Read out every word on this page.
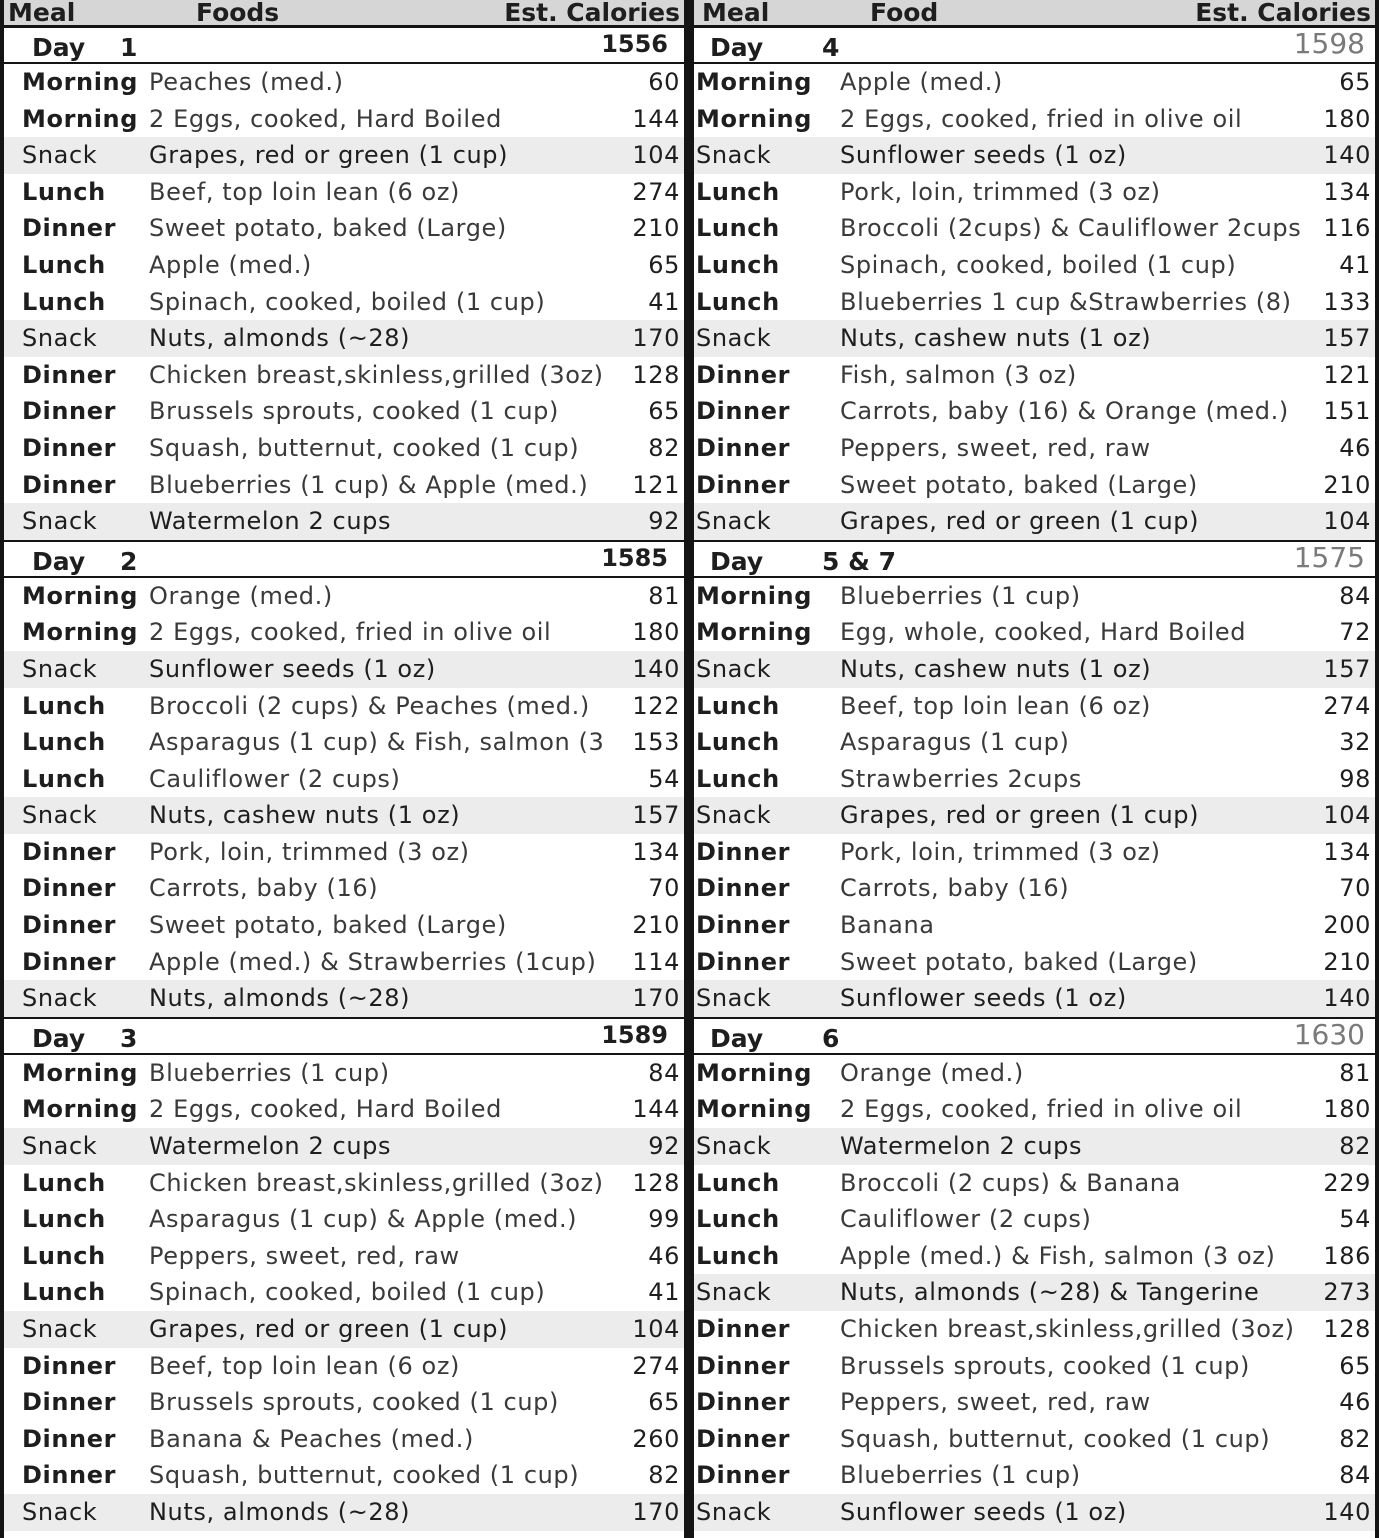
Meal	Foods	Est. Calories
Day 1	1556
Morning Peaches (med.)	60
Morning 2 Eggs, cooked, Hard Boiled	144
Snack Grapes, red or green (1 cup)	104
Lunch Beef, top loin lean (6 oz)	274
Dinner Sweet potato, baked (Large)	210
Lunch Apple (med.)	65
Lunch Spinach, cooked, boiled (1 cup)	41
Snack Nuts, almonds (~28)	170
Dinner Chicken breast,skinless,grilled (3oz) 128
Dinner Brussels sprouts, cooked (1 cup)	65
Dinner Squash, butternut, cooked (1 cup)	82
Dinner Blueberries (1 cup) & Apple (med.) 121
Snack Watermelon 2 cups	92
Day 2	1585
Morning Orange (med.)	81
Morning 2 Eggs, cooked, fried in olive oil	180
Snack Sunflower seeds (1 oz)	140
Lunch Broccoli (2 cups) & Peaches (med.) 122
Lunch Asparagus (1 cup) & Fish, salmon (3 153
Lunch Cauliflower (2 cups)	54
Snack Nuts, cashew nuts (1 oz)	157
Dinner Pork, loin, trimmed (3 oz)	134
Dinner Carrots, baby (16)	70
Dinner Sweet potato, baked (Large)	210
Dinner Apple (med.) & Strawberries (1cup) 114
Snack Nuts, almonds (~28)	170
Day 3	1589
Morning Blueberries (1 cup)	84
Morning 2 Eggs, cooked, Hard Boiled	144
Snack Watermelon 2 cups	92
Lunch Chicken breast,skinless,grilled (3oz) 128
Lunch Asparagus (1 cup) & Apple (med.)	99
Lunch Peppers, sweet, red, raw	46
Lunch Spinach, cooked, boiled (1 cup)	41
Snack Grapes, red or green (1 cup)	104
Dinner Beef, top loin lean (6 oz)	274
Dinner Brussels sprouts, cooked (1 cup)	65
Dinner Banana & Peaches (med.)	260
Dinner Squash, butternut, cooked (1 cup)	82
Snack Nuts, almonds (~28)	170
Meal	Food	Est. Calories
Day 4	1598
Morning Apple (med.)	65
Morning 2 Eggs, cooked, fried in olive oil	180
Snack	Sunflower seeds (1 oz)	140
Lunch	Pork, loin, trimmed (3 oz)	134
Lunch	Broccoli (2cups) & Cauliflower 2cups 116
Lunch	Spinach, cooked, boiled (1 cup)	41
Lunch	Blueberries 1 cup &Strawberries (8) 133
Snack	Nuts, cashew nuts (1 oz)	157
Dinner Fish, salmon (3 oz)	121
Dinner Carrots, baby (16) & Orange (med.) 151
Dinner Peppers, sweet, red, raw	46
Dinner Sweet potato, baked (Large)	210
Snack	Grapes, red or green (1 cup)	104
Day 5 & 7	1575
Morning Blueberries (1 cup)	84
Morning Egg, whole, cooked, Hard Boiled	72
Snack	Nuts, cashew nuts (1 oz)	157
Lunch	Beef, top loin lean (6 oz)	274
Lunch	Asparagus (1 cup)	32
Lunch	Strawberries 2cups	98
Snack	Grapes, red or green (1 cup)	104
Dinner Pork, loin, trimmed (3 oz)	134
Dinner Carrots, baby (16)	70
Dinner Banana	200
Dinner Sweet potato, baked (Large)	210
Snack	Sunflower seeds (1 oz)	140
Day 6	1630
Morning Orange (med.)	81
Morning 2 Eggs, cooked, fried in olive oil	180
Snack	Watermelon 2 cups	82
Lunch	Broccoli (2 cups) & Banana	229
Lunch	Cauliflower (2 cups)	54
Lunch	Apple (med.) & Fish, salmon (3 oz) 186
Snack	Nuts, almonds (~28) & Tangerine	273
Dinner Chicken breast,skinless,grilled (3oz) 128
Dinner Brussels sprouts, cooked (1 cup)	65
Dinner Peppers, sweet, red, raw	46
Dinner Squash, butternut, cooked (1 cup)	82
Dinner Blueberries (1 cup)	84
Snack	Sunflower seeds (1 oz)	140
